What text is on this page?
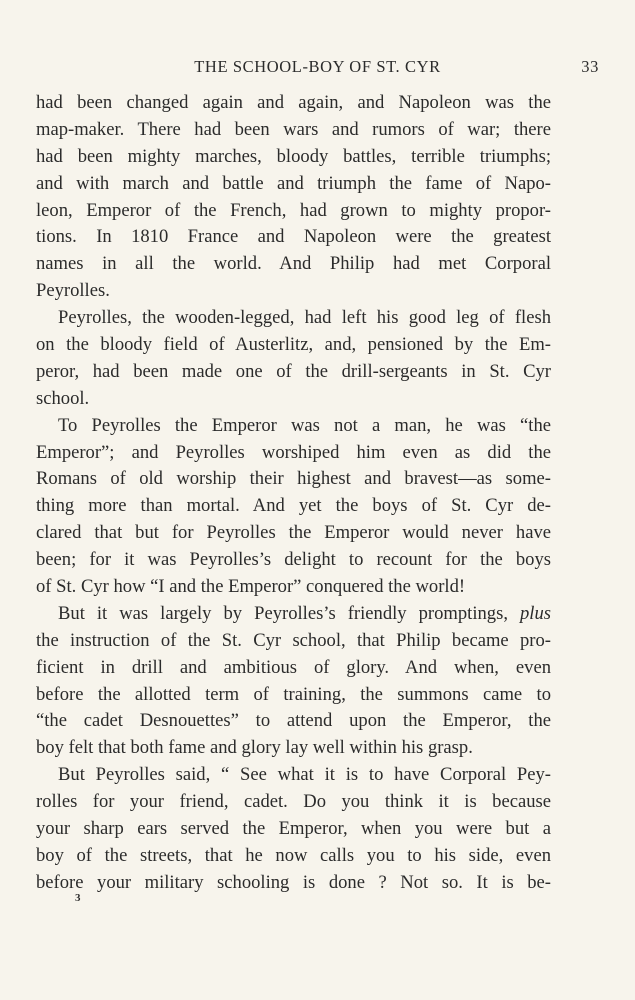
THE SCHOOL-BOY OF ST. CYR	33
had been changed again and again, and Napoleon was the
map-maker. There had been wars and rumors of war; there
had been mighty marches, bloody battles, terrible triumphs;
and with march and battle and triumph the fame of Napo-
leon, Emperor of the French, had grown to mighty propor-
tions. In 1810 France and Napoleon were the greatest
names in all the world. And Philip had met Corporal
Peyrolles.
Peyrolles, the wooden-legged, had left his good leg of flesh
on the bloody field of Austerlitz, and, pensioned by the Em-
peror, had been made one of the drill-sergeants in St. Cyr
school.
To Peyrolles the Emperor was not a man, he was “the
Emperor”; and Peyrolles worshiped him even as did the
Romans of old worship their highest and bravest—as some-
thing more than mortal. And yet the boys of St. Cyr de-
clared that but for Peyrolles the Emperor would never have
been; for it was Peyrolles’s delight to recount for the boys
of St. Cyr how “I and the Emperor” conquered the world!
But it was largely by Peyrolles’s friendly promptings, plus
the instruction of the St. Cyr school, that Philip became pro-
ficient in drill and ambitious of glory. And when, even
before the allotted term of training, the summons came to
“the cadet Desnouettes” to attend upon the Emperor, the
boy felt that both fame and glory lay well within his grasp.
But Peyrolles said, “ See what it is to have Corporal Pey-
rolles for your friend, cadet. Do you think it is because
your sharp ears served the Emperor, when you were but a
boy of the streets, that he now calls you to his side, even
before your military schooling is done ? Not so. It is be-
3
